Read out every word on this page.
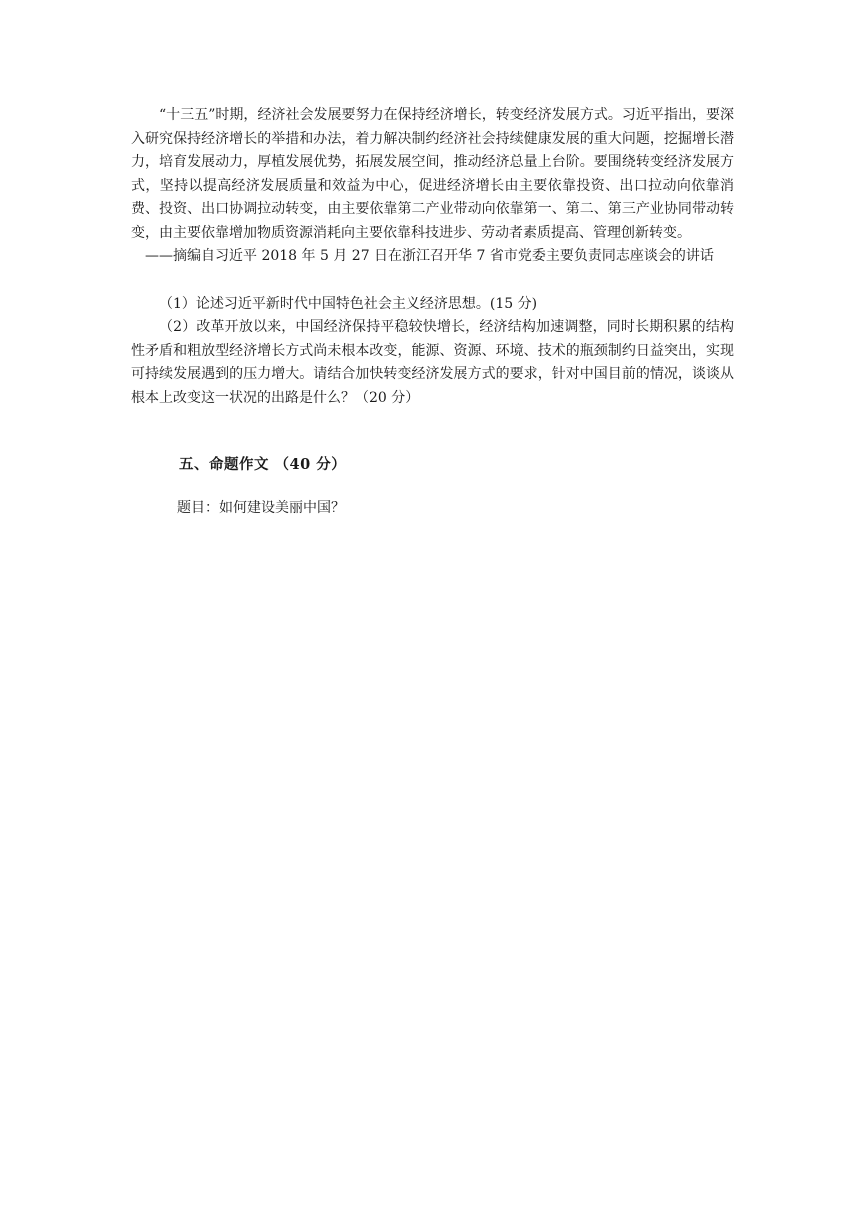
“十三五”时期，经济社会发展要努力在保持经济增长，转变经济发展方式。习近平指出，要深入研究保持经济增长的举措和办法，着力解决制约经济社会持续健康发展的重大问题，挖掘增长潜力，培育发展动力，厚植发展优势，拓展发展空间，推动经济总量上台阶。要围绕转变经济发展方式，坚持以提高经济发展质量和效益为中心，促进经济增长由主要依靠投资、出口拉动向依靠消费、投资、出口协调拉动转变，由主要依靠第二产业带动向依靠第一、第二、第三产业协同带动转变，由主要依靠增加物质资源消耗向主要依靠科技进步、劳动者素质提高、管理创新转变。

——摘编自习近平 2018 年 5 月 27 日在浙江召开华 7 省市党委主要负责同志座谈会的讲话

（1）论述习近平新时代中国特色社会主义经济思想。(15 分)

（2）改革开放以来，中国经济保持平稳较快增长，经济结构加速调整，同时长期积累的结构性矛盾和粗放型经济增长方式尚未根本改变，能源、资源、环境、技术的瓶颈制约日益突出，实现可持续发展遇到的压力增大。请结合加快转变经济发展方式的要求，针对中国目前的情况，谈谈从根本上改变这一状况的出路是什么？（20 分）

五、命题作文 （40 分）

题目：如何建设美丽中国？
